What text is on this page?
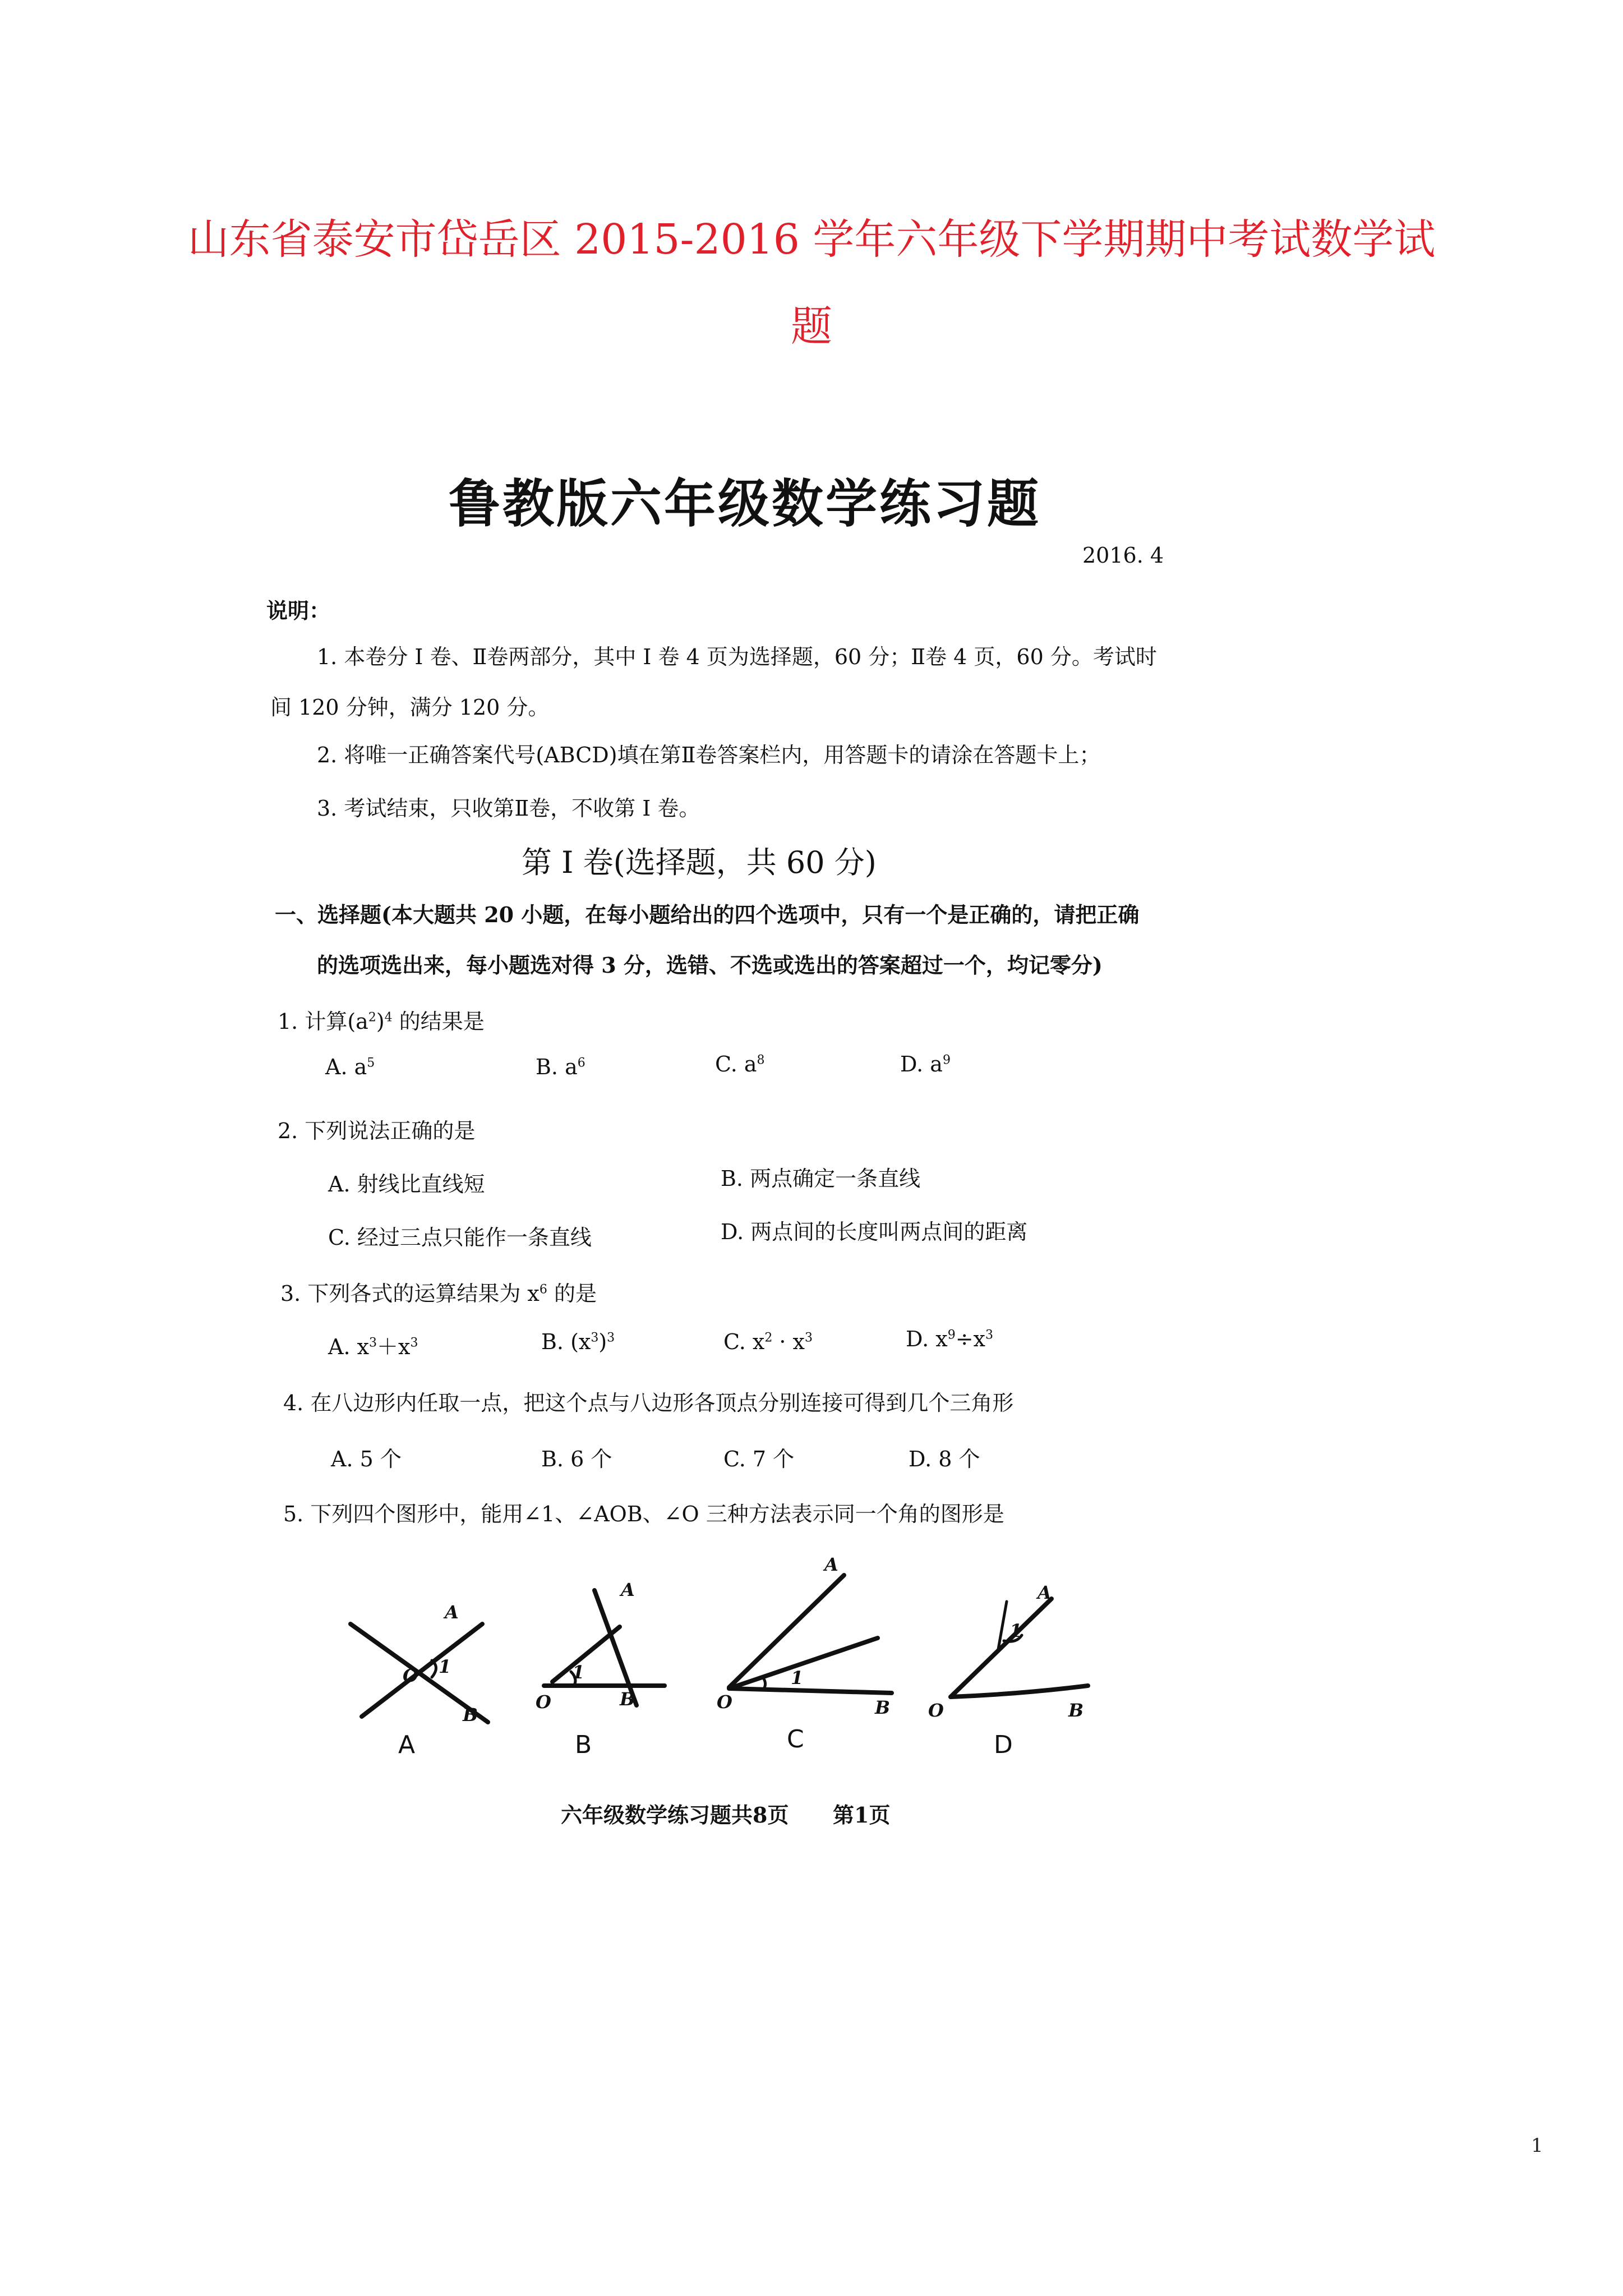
山东省泰安市岱岳区 2015-2016 学年六年级下学期期中考试数学试
题
鲁教版六年级数学练习题
2016. 4
说明：
1. 本卷分 I 卷、Ⅱ卷两部分，其中 I 卷 4 页为选择题，60 分；Ⅱ卷 4 页，60 分。考试时
间 120 分钟，满分 120 分。
2. 将唯一正确答案代号(ABCD)填在第Ⅱ卷答案栏内，用答题卡的请涂在答题卡上；
3. 考试结束，只收第Ⅱ卷，不收第 I 卷。
第 I 卷(选择题，共 60 分)
一、选择题(本大题共 20 小题，在每小题给出的四个选项中，只有一个是正确的，请把正确
的选项选出来，每小题选对得 3 分，选错、不选或选出的答案超过一个，均记零分)
1. 计算$(a^2)^4$ 的结果是
A. $a^5$	B. $a^6$	C. $a^8$	D. $a^9$
2. 下列说法正确的是
A. 射线比直线短	B. 两点确定一条直线
C. 经过三点只能作一条直线	D. 两点间的长度叫两点间的距离
3. 下列各式的运算结果为 $x^6$ 的是
A. $x^3+x^3$	B. $(x^3)^3$	C. $x^2 \cdot x^3$	D. $x^9\div x^3$
4. 在八边形内任取一点，把这个点与八边形各顶点分别连接可得到几个三角形
A. 5 个	B. 6 个	C. 7 个	D. 8 个
5. 下列四个图形中，能用∠1、∠AOB、∠O 三种方法表示同一个角的图形是
A
O 1
B
A
A
O
1
B
B
A
O
1
B
C
A
O
1
B
D
六年级数学练习题共8页 第1页
1
